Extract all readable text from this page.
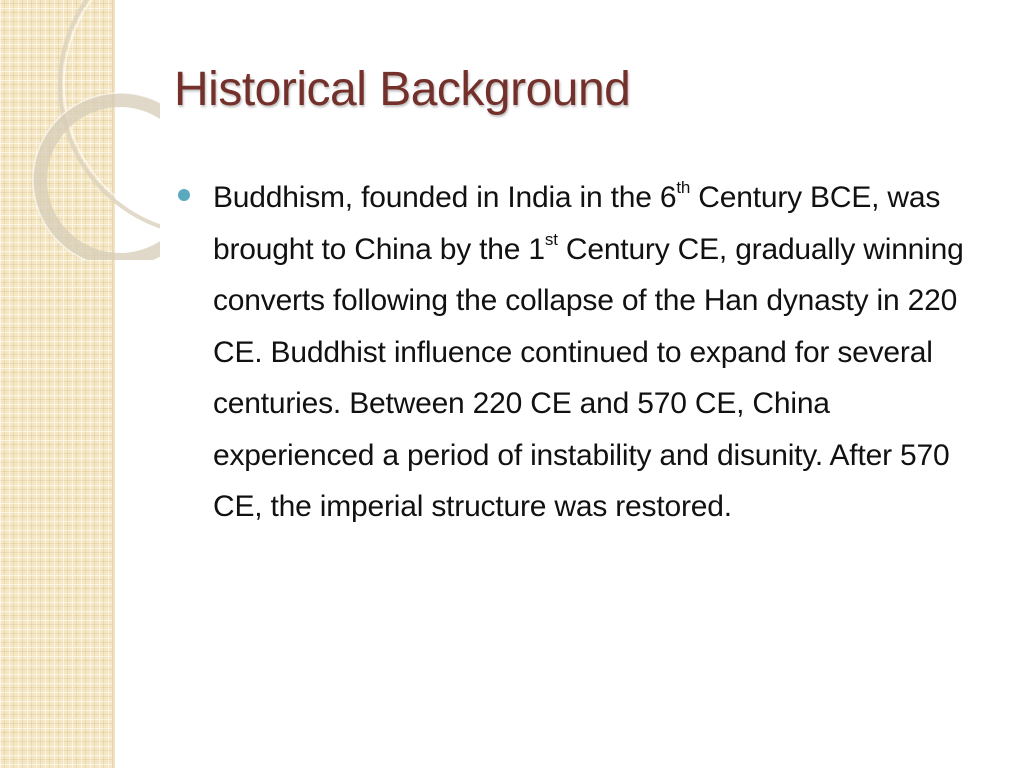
Historical Background

Buddhism, founded in India in the 6th Century BCE, was brought to China by the 1st Century CE, gradually winning converts following the collapse of the Han dynasty in 220 CE. Buddhist influence continued to expand for several centuries. Between 220 CE and 570 CE, China experienced a period of instability and disunity. After 570 CE, the imperial structure was restored.
